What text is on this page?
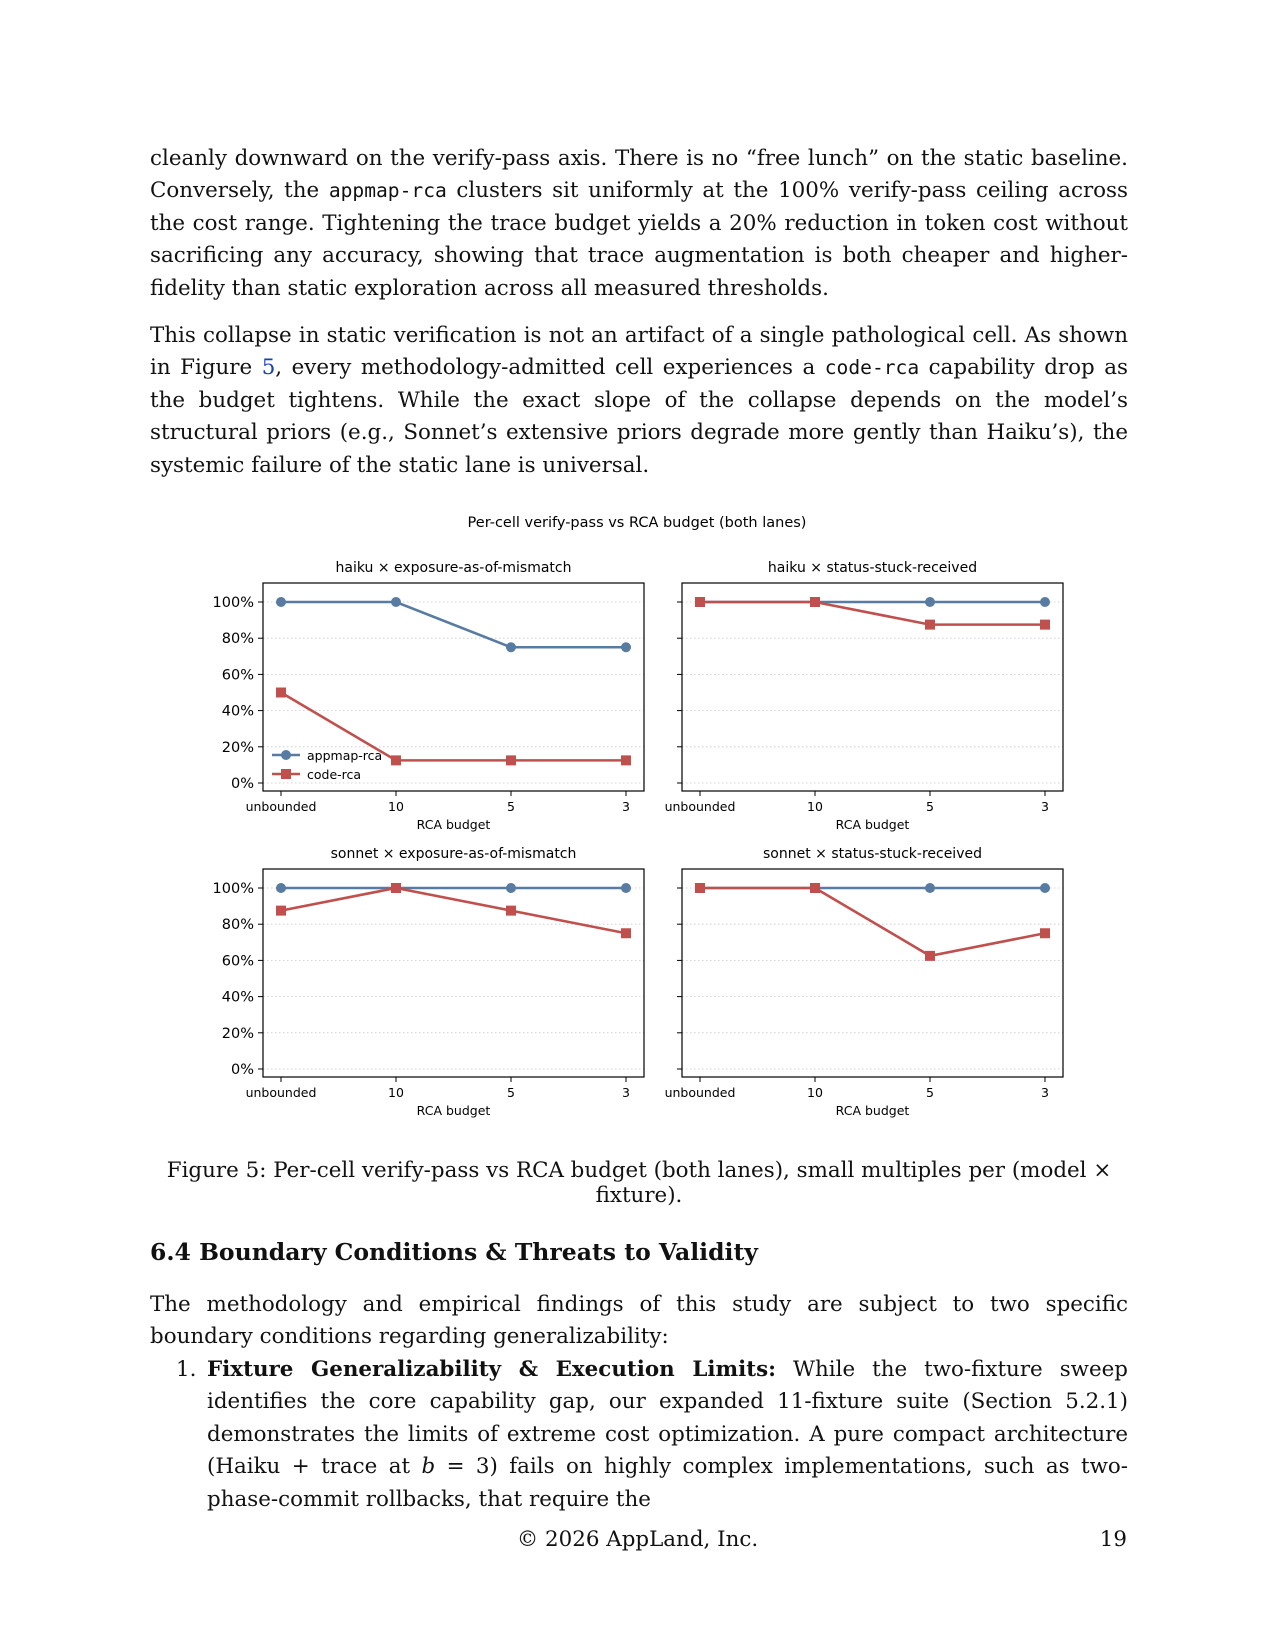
cleanly downward on the verify-pass axis. There is no “free lunch” on the static baseline. Conversely, the appmap-rca clusters sit uniformly at the 100% verify-pass ceiling across the cost range. Tightening the trace budget yields a 20% reduction in token cost without sacrificing any accuracy, showing that trace augmentation is both cheaper and higher-fidelity than static exploration across all measured thresholds.

This collapse in static verification is not an artifact of a single pathological cell. As shown in Figure 5, every methodology-admitted cell experiences a code-rca capability drop as the budget tightens. While the exact slope of the collapse depends on the model’s structural priors (e.g., Sonnet’s extensive priors degrade more gently than Haiku’s), the systemic failure of the static lane is universal.

Per-cell verify-pass vs RCA budget (both lanes)
0%
20%
40%
60%
80%
100%
unbounded	10	5	3
RCA budget
haiku × exposure-as-of-mismatch
appmap-rca
code-rca
unbounded	10	5	3
RCA budget
haiku × status-stuck-received
0%
20%
40%
60%
80%
100%
unbounded	10	5	3
RCA budget
sonnet × exposure-as-of-mismatch
unbounded	10	5	3
RCA budget
sonnet × status-stuck-received

Figure 5: Per-cell verify-pass vs RCA budget (both lanes), small multiples per (model × fixture).

6.4 Boundary Conditions & Threats to Validity

The methodology and empirical findings of this study are subject to two specific boundary conditions regarding generalizability:

1. Fixture Generalizability & Execution Limits: While the two-fixture sweep identifies the core capability gap, our expanded 11-fixture suite (Section 5.2.1) demonstrates the limits of extreme cost optimization. A pure compact architecture (Haiku + trace at b = 3) fails on highly complex implementations, such as two-phase-commit rollbacks, that require the
© 2026 AppLand, Inc.	19
